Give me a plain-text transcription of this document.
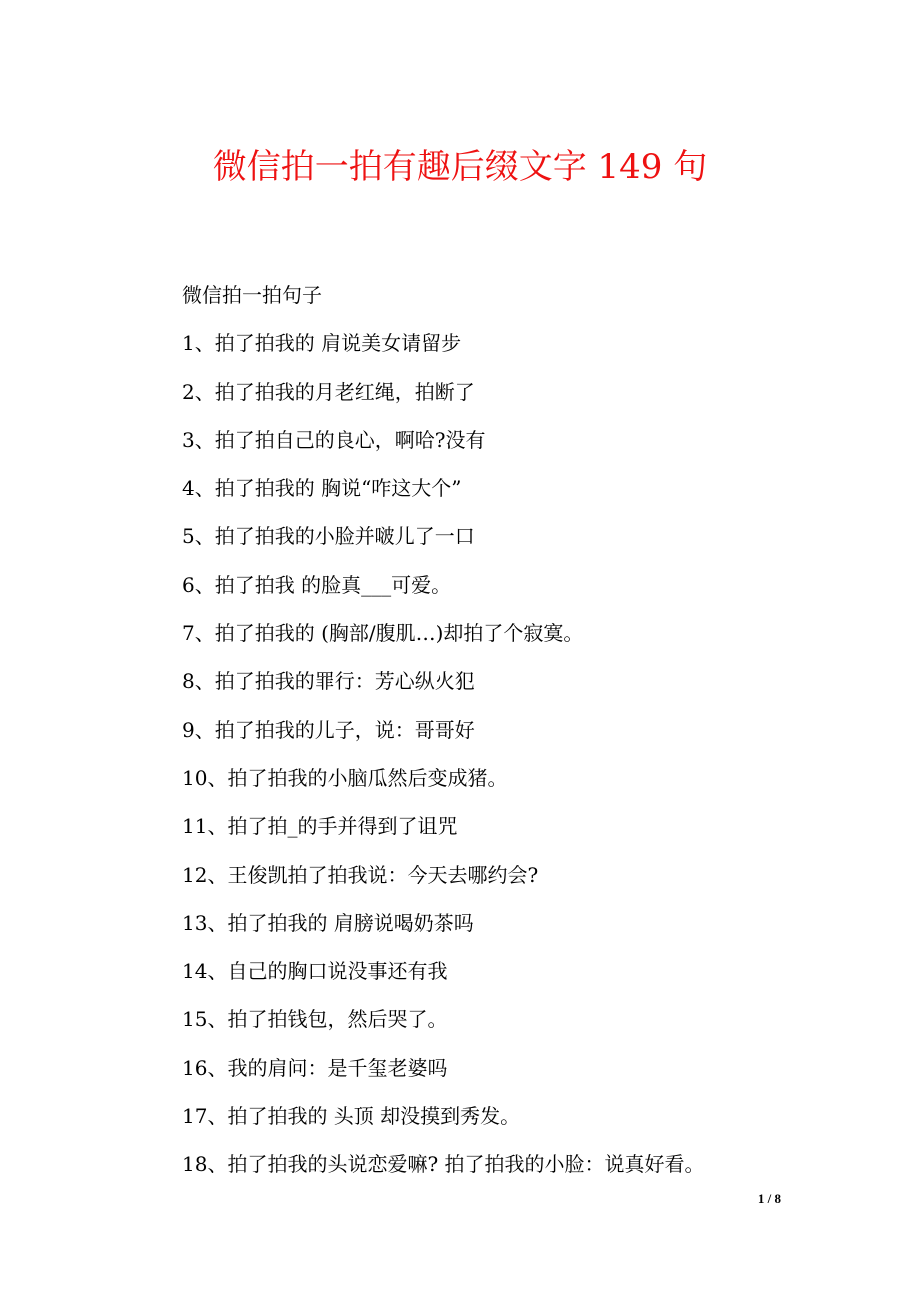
微信拍一拍有趣后缀文字 149 句
微信拍一拍句子
1、拍了拍我的 肩说美女请留步
2、拍了拍我的月老红绳，拍断了
3、拍了拍自己的良心，啊哈?没有
4、拍了拍我的 胸说“咋这大个”
5、拍了拍我的小脸并啵儿了一口
6、拍了拍我 的脸真___可爱。
7、拍了拍我的 (胸部/腹肌…)却拍了个寂寞。
8、拍了拍我的罪行：芳心纵火犯
9、拍了拍我的儿子，说：哥哥好
10、拍了拍我的小脑瓜然后变成猪。
11、拍了拍_的手并得到了诅咒
12、王俊凯拍了拍我说：今天去哪约会?
13、拍了拍我的 肩膀说喝奶茶吗
14、自己的胸口说没事还有我
15、拍了拍钱包，然后哭了。
16、我的肩问：是千玺老婆吗
17、拍了拍我的 头顶 却没摸到秀发。
18、拍了拍我的头说恋爱嘛? 拍了拍我的小脸：说真好看。
1 / 8
